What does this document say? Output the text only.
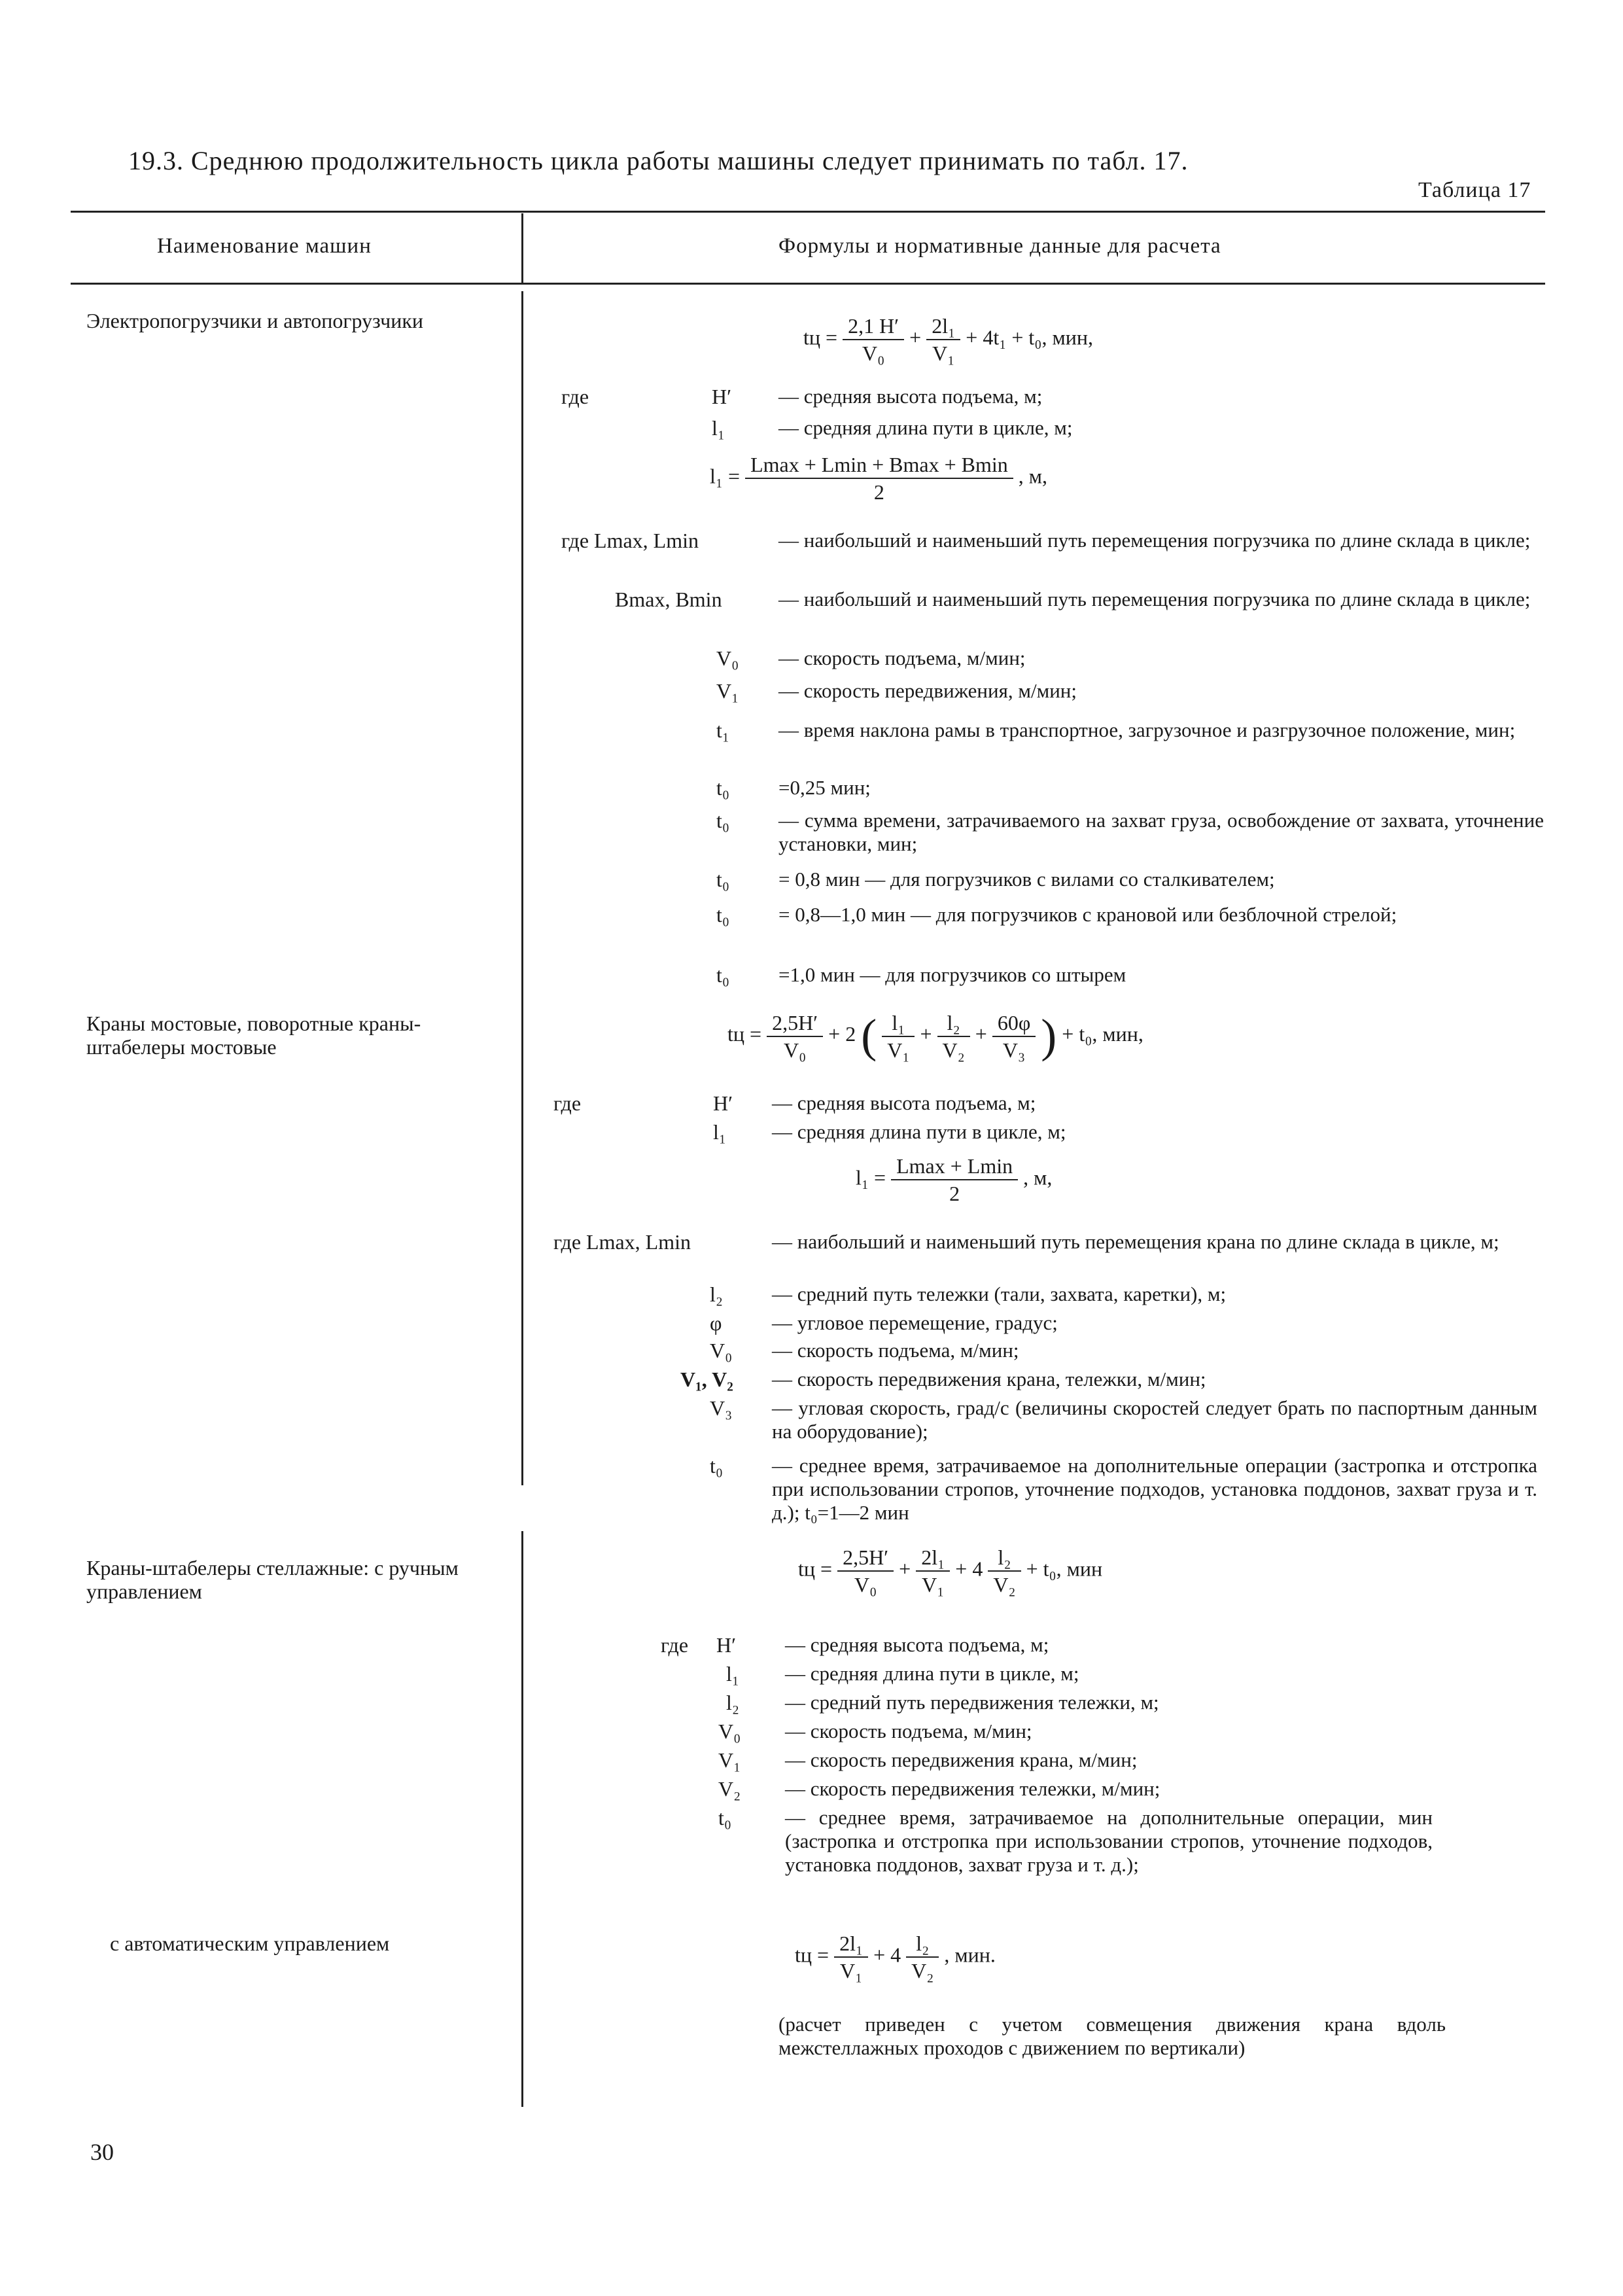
19.3. Среднюю продолжительность цикла работы машины следует принимать по табл. 17.
Таблица 17
Наименование машин	Формулы и нормативные данные для расчета
Электропогрузчики и автопогрузчики
tц = $\frac{2,1 H'}{\text{V₀}} + \frac{\text{2l₁}}{\text{V₁}} + 4t_1 + t_0$, мин,
где	H′ — средняя высота подъема, м;
l₁	— средняя длина пути в цикле, м;
$l_1 = \frac{Lmax + Lmin + Bmax + Bmin}{2}$ , м,
где Lmax, Lmin	— наибольший и наименьший путь перемещения погрузчика по длине склада в цикле;
Bmax, Bmin	— наибольший и наименьший путь перемещения погрузчика по длине склада в цикле;
V₀ — скорость подъема, м/мин;
V₁ — скорость передвижения, м/мин;
t₁ — время наклона рамы в транспортное, загрузочное и разгрузочное положение, мин;
t₀ =0,25 мин;
t₀ — сумма времени, затрачиваемого на захват груза, освобождение от захвата, уточнение установки, мин;
t₀ = 0,8 мин — для погрузчиков с вилами со сталкивателем;
t₀ = 0,8—1,0 мин — для погрузчиков с крановой или безблочной стрелой;
t₀ =1,0 мин — для погрузчиков со штырем
Краны мостовые, поворотные краны-штабелеры мостовые
tц = $\frac{2,5H'}{\text{V₀}} + 2$ ( $\frac{\text{l₁}}{\text{V₁}} + \frac{\text{l₂}}{\text{V₂}} + \frac{60\varphi}{\text{V₃}}$ ) + t₀, мин,
где	H′ — средняя высота подъема, м;
l₁ — средняя длина пути в цикле, м;
$l_1 = \frac{Lmax + Lmin}{2}$ , м,
где Lmax, Lmin	— наибольший и наименьший путь перемещения крана по длине склада в цикле, м;
l₂ — средний путь тележки (тали, захвата, каретки), м;
φ — угловое перемещение, градус;
V₀ — скорость подъема, м/мин;
V₁, V₂ — скорость передвижения крана, тележки, м/мин;
V₃ — угловая скорость, град/с (величины скоростей следует брать по паспортным данным на оборудование);
t₀ — среднее время, затрачиваемое на дополнительные операции (застропка и отстропка при использовании стропов, уточнение подходов, установка поддонов, захват груза и т. д.); t₀=1—2 мин
Краны-штабелеры стеллажные: с ручным управлением
tц = $\frac{2,5H'}{\text{V₀}} + \frac{\text{2l₁}}{\text{V₁}} + 4 \frac{\text{l₂}}{\text{V₂}} + t_0$, мин
где H′ — средняя высота подъема, м;
l₁ — средняя длина пути в цикле, м;
l₂ — средний путь передвижения тележки, м;
V₀ — скорость подъема, м/мин;
V₁ — скорость передвижения крана, м/мин;
V₂ — скорость передвижения тележки, м/мин;
t₀	— среднее время, затрачиваемое на дополнительные операции, мин (застропка и отстропка при использовании стропов, уточнение подходов, установка поддонов, захват груза и т. д.);
с автоматическим управлением	tц = $\frac{\text{2l₁}}{\text{V₁}} + 4 \frac{\text{l₂}}{\text{V₂}}$ , мин.
(расчет приведен с учетом совмещения движения крана вдоль межстеллажных проходов с движением по вертикали)
30
